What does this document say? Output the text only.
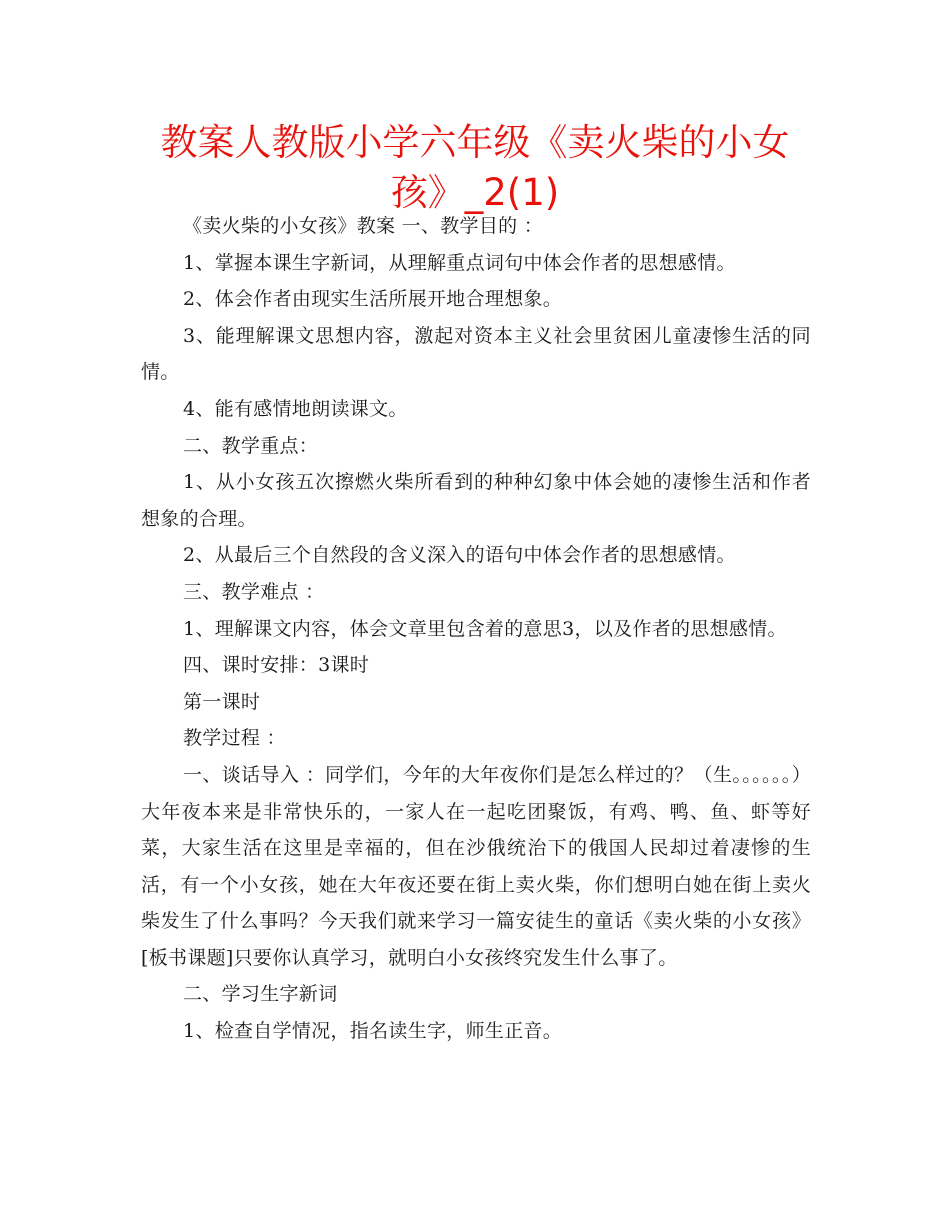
教案人教版小学六年级《卖火柴的小女孩》_2(1)

《卖火柴的小女孩》教案 一、教学目的 ：

1、掌握本课生字新词，从理解重点词句中体会作者的思想感情。

2、体会作者由现实生活所展开地合理想象。

3、能理解课文思想内容，激起对资本主义社会里贫困儿童凄惨生活的同情。

4、能有感情地朗读课文。

二、教学重点：

1、从小女孩五次擦燃火柴所看到的种种幻象中体会她的凄惨生活和作者想象的合理。

2、从最后三个自然段的含义深入的语句中体会作者的思想感情。

三、教学难点 ：

1、理解课文内容，体会文章里包含着的意思3，以及作者的思想感情。

四、课时安排：3课时

第一课时

教学过程 ：

一、谈话导入 ：同学们，今年的大年夜你们是怎么样过的？（生。。。。。。）大年夜本来是非常快乐的，一家人在一起吃团聚饭，有鸡、鸭、鱼、虾等好菜，大家生活在这里是幸福的，但在沙俄统治下的俄国人民却过着凄惨的生活，有一个小女孩，她在大年夜还要在街上卖火柴，你们想明白她在街上卖火柴发生了什么事吗？今天我们就来学习一篇安徒生的童话《卖火柴的小女孩》[板书课题]只要你认真学习，就明白小女孩终究发生什么事了。

二、学习生字新词

1、检查自学情况，指名读生字，师生正音。
